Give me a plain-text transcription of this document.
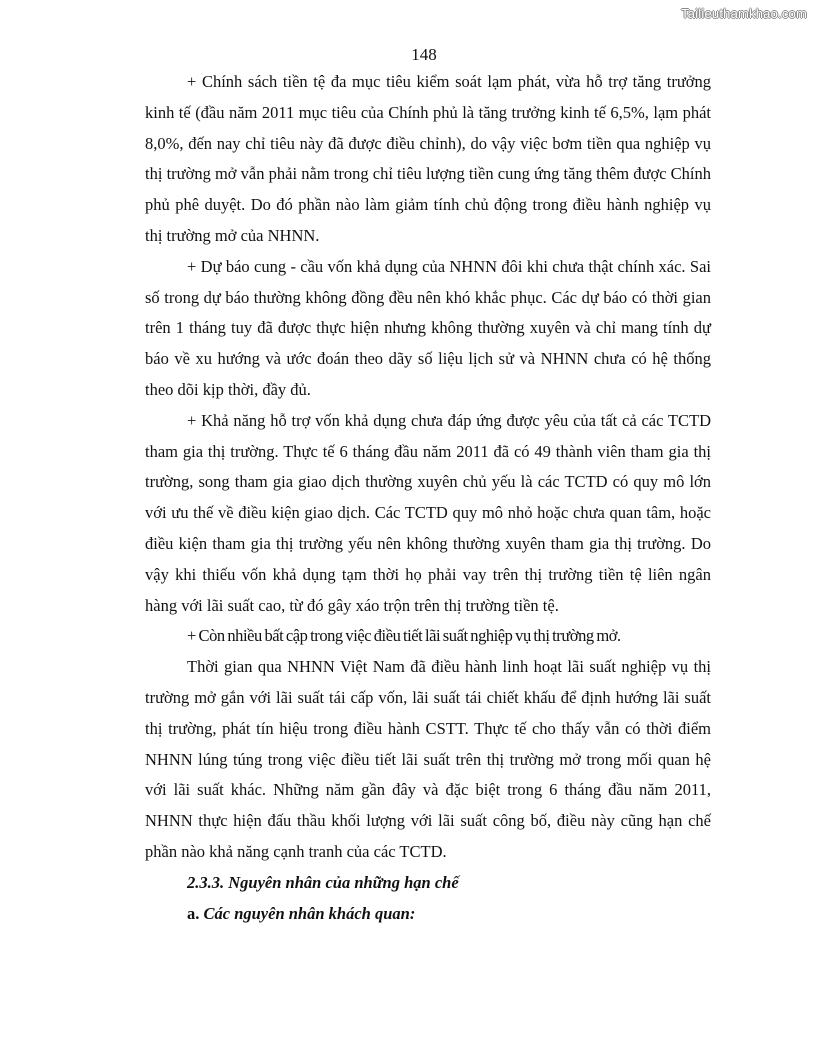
Tailieuthamkhao.com
148

+ Chính sách tiền tệ đa mục tiêu kiểm soát lạm phát, vừa hỗ trợ tăng trưởng kinh tế (đầu năm 2011 mục tiêu của Chính phủ là tăng trưởng kinh tế 6,5%, lạm phát 8,0%, đến nay chỉ tiêu này đã được điều chỉnh), do vậy việc bơm tiền qua nghiệp vụ thị trường mở vẫn phải nằm trong chỉ tiêu lượng tiền cung ứng tăng thêm được Chính phủ phê duyệt. Do đó phần nào làm giảm tính chủ động trong điều hành nghiệp vụ thị trường mở của NHNN.

+ Dự báo cung - cầu vốn khả dụng của NHNN đôi khi chưa thật chính xác. Sai số trong dự báo thường không đồng đều nên khó khắc phục. Các dự báo có thời gian trên 1 tháng tuy đã được thực hiện nhưng không thường xuyên và chỉ mang tính dự báo về xu hướng và ước đoán theo dãy số liệu lịch sử và NHNN chưa có hệ thống theo dõi kịp thời, đầy đủ.

+ Khả năng hỗ trợ vốn khả dụng chưa đáp ứng được yêu của tất cả các TCTD tham gia thị trường. Thực tế 6 tháng đầu năm 2011 đã có 49 thành viên tham gia thị trường, song tham gia giao dịch thường xuyên chủ yếu là các TCTD có quy mô lớn với ưu thế về điều kiện giao dịch. Các TCTD quy mô nhỏ hoặc chưa quan tâm, hoặc điều kiện tham gia thị trường yếu nên không thường xuyên tham gia thị trường. Do vậy khi thiếu vốn khả dụng tạm thời họ phải vay trên thị trường tiền tệ liên ngân hàng với lãi suất cao, từ đó gây xáo trộn trên thị trường tiền tệ.

+ Còn nhiều bất cập trong việc điều tiết lãi suất nghiệp vụ thị trường mở.

Thời gian qua NHNN Việt Nam đã điều hành linh hoạt lãi suất nghiệp vụ thị trường mở gắn với lãi suất tái cấp vốn, lãi suất tái chiết khấu để định hướng lãi suất thị trường, phát tín hiệu trong điều hành CSTT. Thực tế cho thấy vẫn có thời điểm NHNN lúng túng trong việc điều tiết lãi suất trên thị trường mở trong mối quan hệ với lãi suất khác. Những năm gần đây và đặc biệt trong 6 tháng đầu năm 2011, NHNN thực hiện đấu thầu khối lượng với lãi suất công bố, điều này cũng hạn chế phần nào khả năng cạnh tranh của các TCTD.

2.3.3. Nguyên nhân của những hạn chế

a. Các nguyên nhân khách quan:
